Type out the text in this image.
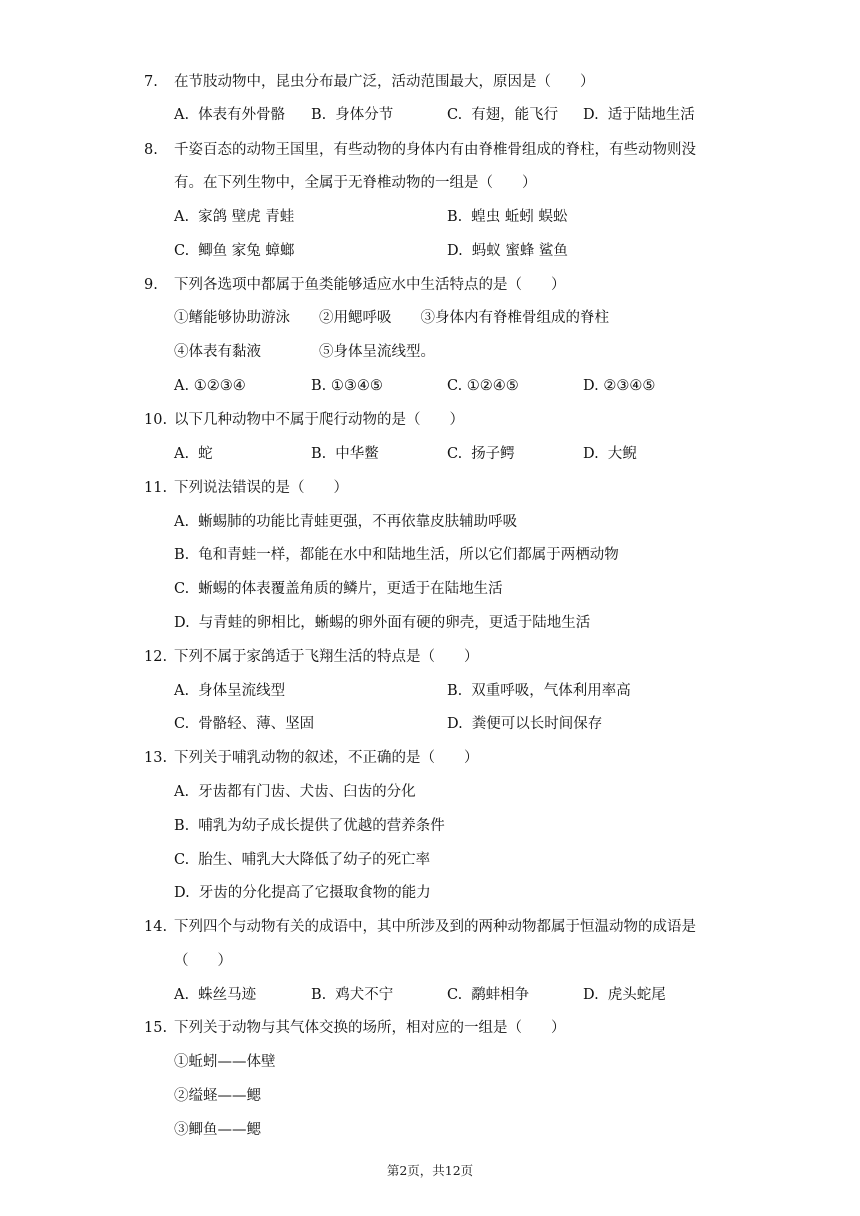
7. 在节肢动物中，昆虫分布最广泛，活动范围最大，原因是（　　）
A. 体表有外骨骼 B. 身体分节	C. 有翅，能飞行 D. 适于陆地生活
8. 千姿百态的动物王国里，有些动物的身体内有由脊椎骨组成的脊柱，有些动物则没
有。在下列生物中，全属于无脊椎动物的一组是（　　）
A. 家鸽 壁虎 青蛙	B. 蝗虫 蚯蚓 蜈蚣
C. 鲫鱼 家兔 蟑螂	D. 蚂蚁 蜜蜂 鲨鱼
9. 下列各选项中都属于鱼类能够适应水中生活特点的是（　　）
①鳍能够协助游泳　　②用鳃呼吸　　③身体内有脊椎骨组成的脊柱
④体表有黏液　　　　⑤身体呈流线型。
A. ①②③④	B. ①③④⑤	C. ①②④⑤	D. ②③④⑤
10. 以下几种动物中不属于爬行动物的是（　　）
A. 蛇	B. 中华鳖	C. 扬子鳄	D. 大鲵
11. 下列说法错误的是（　　）
A. 蜥蜴肺的功能比青蛙更强，不再依靠皮肤辅助呼吸
B. 龟和青蛙一样，都能在水中和陆地生活，所以它们都属于两栖动物
C. 蜥蜴的体表覆盖角质的鳞片，更适于在陆地生活
D. 与青蛙的卵相比，蜥蜴的卵外面有硬的卵壳，更适于陆地生活
12. 下列不属于家鸽适于飞翔生活的特点是（　　）
A. 身体呈流线型	B. 双重呼吸，气体利用率高
C. 骨骼轻、薄、坚固	D. 粪便可以长时间保存
13. 下列关于哺乳动物的叙述，不正确的是（　　）
A. 牙齿都有门齿、犬齿、臼齿的分化
B. 哺乳为幼子成长提供了优越的营养条件
C. 胎生、哺乳大大降低了幼子的死亡率
D. 牙齿的分化提高了它摄取食物的能力
14. 下列四个与动物有关的成语中，其中所涉及到的两种动物都属于恒温动物的成语是
（　　）
A. 蛛丝马迹	B. 鸡犬不宁	C. 鹬蚌相争	D. 虎头蛇尾
15. 下列关于动物与其气体交换的场所，相对应的一组是（　　）
①蚯蚓——体壁
②缢蛏——鳃
③鲫鱼——鳃
第2页，共12页
